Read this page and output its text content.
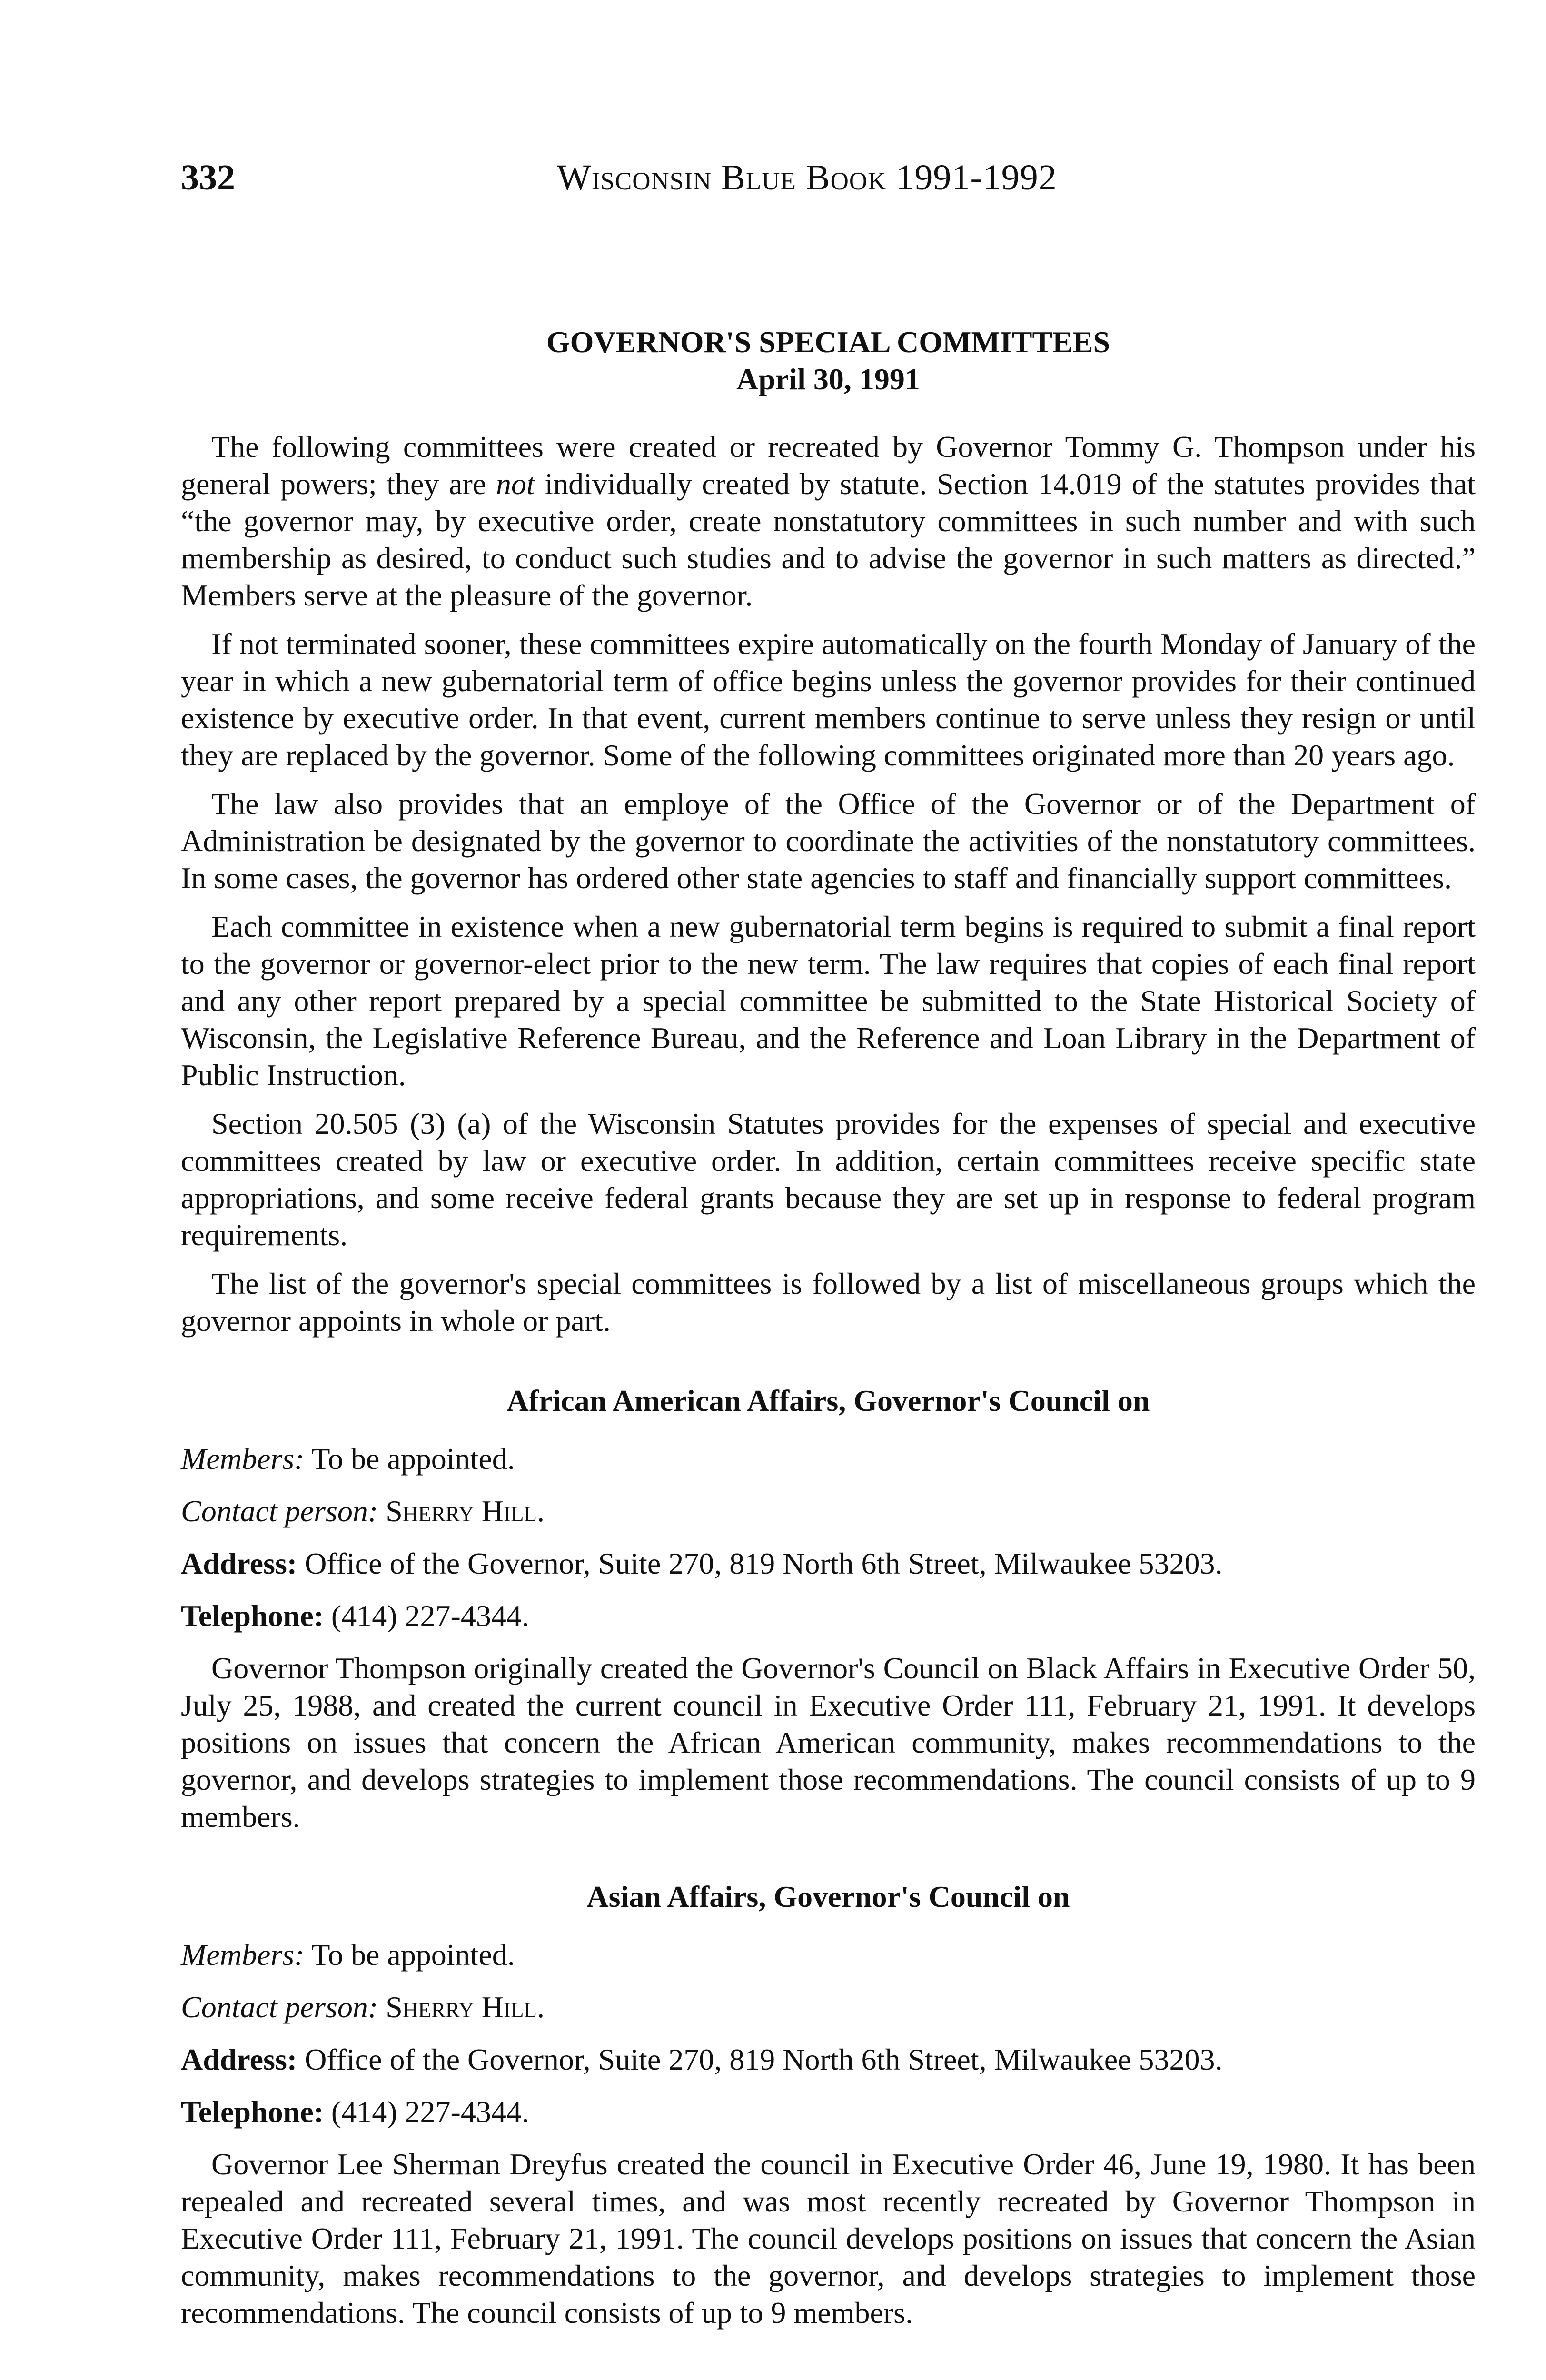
332	Wisconsin Blue Book 1991-1992
GOVERNOR'S SPECIAL COMMITTEES
April 30, 1991

The following committees were created or recreated by Governor Tommy G. Thompson under his general powers; they are not individually created by statute. Section 14.019 of the statutes provides that “the governor may, by executive order, create nonstatutory committees in such number and with such membership as desired, to conduct such studies and to advise the governor in such matters as directed.” Members serve at the pleasure of the governor.

If not terminated sooner, these committees expire automatically on the fourth Monday of January of the year in which a new gubernatorial term of office begins unless the governor provides for their continued existence by executive order. In that event, current members continue to serve unless they resign or until they are replaced by the governor. Some of the following committees originated more than 20 years ago.

The law also provides that an employe of the Office of the Governor or of the Department of Administration be designated by the governor to coordinate the activities of the nonstatutory committees. In some cases, the governor has ordered other state agencies to staff and financially support committees.

Each committee in existence when a new gubernatorial term begins is required to submit a final report to the governor or governor-elect prior to the new term. The law requires that copies of each final report and any other report prepared by a special committee be submitted to the State Historical Society of Wisconsin, the Legislative Reference Bureau, and the Reference and Loan Library in the Department of Public Instruction.

Section 20.505 (3) (a) of the Wisconsin Statutes provides for the expenses of special and executive committees created by law or executive order. In addition, certain committees receive specific state appropriations, and some receive federal grants because they are set up in response to federal program requirements.

The list of the governor's special committees is followed by a list of miscellaneous groups which the governor appoints in whole or part.

African American Affairs, Governor's Council on
Members: To be appointed.
Contact person: Sherry Hill.
Address: Office of the Governor, Suite 270, 819 North 6th Street, Milwaukee 53203.
Telephone: (414) 227-4344.

Governor Thompson originally created the Governor's Council on Black Affairs in Executive Order 50, July 25, 1988, and created the current council in Executive Order 111, February 21, 1991. It develops positions on issues that concern the African American community, makes recommendations to the governor, and develops strategies to implement those recommendations. The council consists of up to 9 members.

Asian Affairs, Governor's Council on
Members: To be appointed.
Contact person: Sherry Hill.
Address: Office of the Governor, Suite 270, 819 North 6th Street, Milwaukee 53203.
Telephone: (414) 227-4344.

Governor Lee Sherman Dreyfus created the council in Executive Order 46, June 19, 1980. It has been repealed and recreated several times, and was most recently recreated by Governor Thompson in Executive Order 111, February 21, 1991. The council develops positions on issues that concern the Asian community, makes recommendations to the governor, and develops strategies to implement those recommendations. The council consists of up to 9 members.
